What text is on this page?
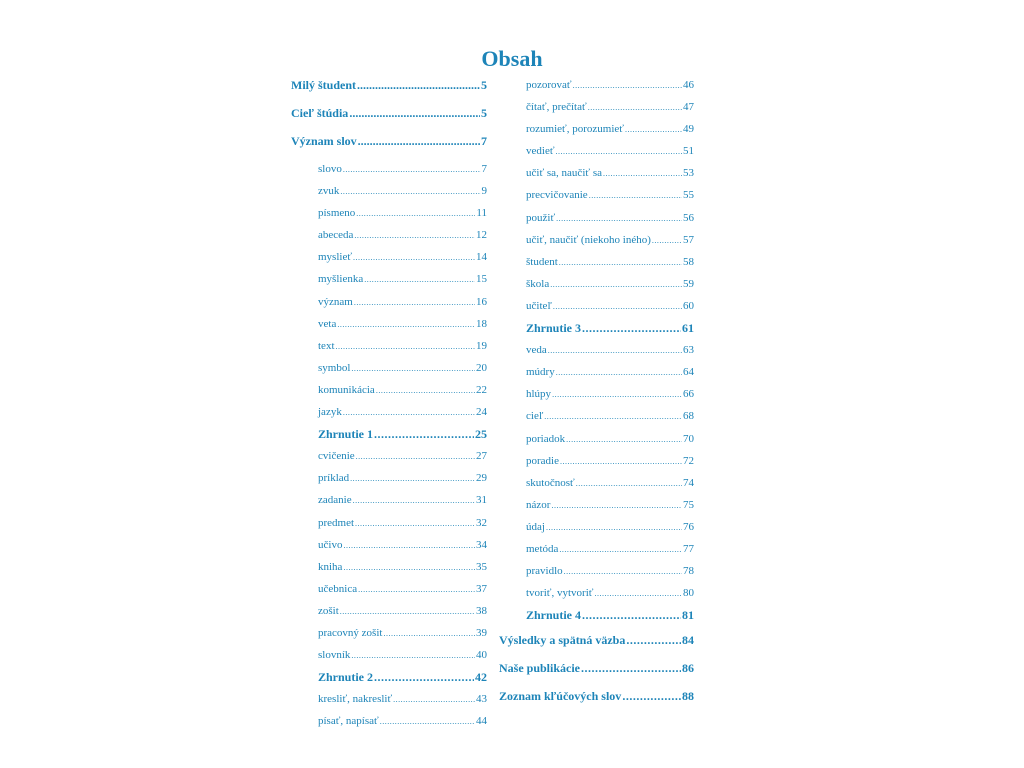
Obsah
Milý študent .....	5
Cieľ štúdia .....	5
Význam slov .....	7
slovo .....	7
zvuk .....	9
písmeno .....	11
abeceda .....	12
myslieť .....	14
myšlienka .....	15
význam .....	16
veta .....	18
text .....	19
symbol .....	20
komunikácia .....	22
jazyk .....	24
Zhrnutie 1 .....	25
cvičenie .....	27
príklad .....	29
zadanie .....	31
predmet .....	32
učivo .....	34
kniha .....	35
učebnica .....	37
zošit .....	38
pracovný zošit .....	39
slovník .....	40
Zhrnutie 2 .....	42
kresliť, nakresliť .....	43
písať, napísať .....	44
pozorovať .....	46
čítať, prečítať .....	47
rozumieť, porozumieť .....	49
vedieť .....	51
učiť sa, naučiť sa .....	53
precvičovanie .....	55
použiť .....	56
učiť, naučiť (niekoho iného) .....	57
študent .....	58
škola .....	59
učiteľ .....	60
Zhrnutie 3 .....	61
veda .....	63
múdry .....	64
hlúpy .....	66
cieľ .....	68
poriadok .....	70
poradie .....	72
skutočnosť .....	74
názor .....	75
údaj .....	76
metóda .....	77
pravidlo .....	78
tvoriť, vytvoriť .....	80
Zhrnutie 4 .....	81
Výsledky a spätná väzba .....	84
Naše publikácie .....	86
Zoznam kľúčových slov .....	88
